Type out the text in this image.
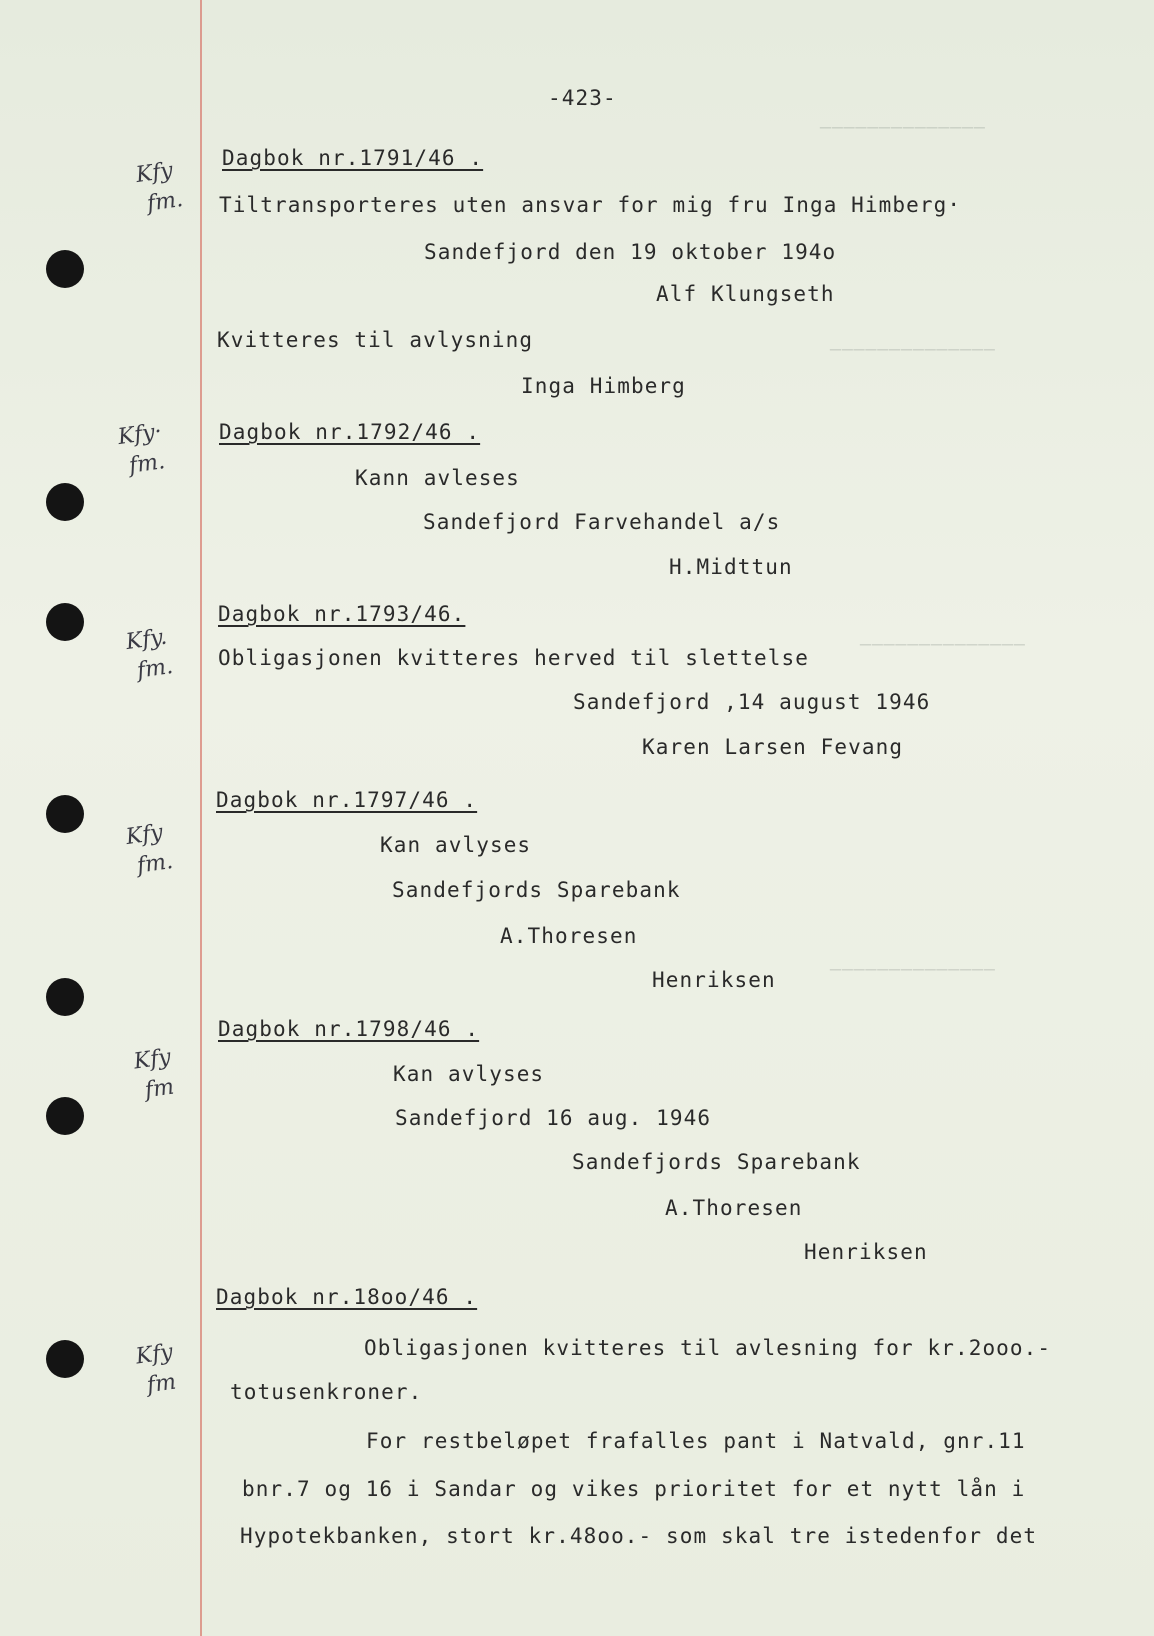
──────────────
──────────────
──────────────
──────────────
-423-
Kfy
fm.
Dagbok nr.1791/46 .
Tiltransporteres uten ansvar for mig fru Inga Himberg·
Sandefjord den 19 oktober 194o
Alf Klungseth
Kvitteres til avlysning
Inga Himberg
Kfy·
fm.
Dagbok nr.1792/46 .
Kann avleses
Sandefjord Farvehandel a/s
H.Midttun
Kfy.
fm.
Dagbok nr.1793/46.
Obligasjonen kvitteres herved til slettelse
Sandefjord ,14 august 1946
Karen Larsen Fevang
Kfy
fm.
Dagbok nr.1797/46 .
Kan avlyses
Sandefjords Sparebank
A.Thoresen
Henriksen
Kfy
fm
Dagbok nr.1798/46 .
Kan avlyses
Sandefjord 16 aug. 1946
Sandefjords Sparebank
A.Thoresen
Henriksen
Kfy
fm
Dagbok nr.18oo/46 .
Obligasjonen kvitteres til avlesning for kr.2ooo.-
totusenkroner.
For restbeløpet frafalles pant i Natvald, gnr.11
bnr.7 og 16 i Sandar og vikes prioritet for et nytt lån i
Hypotekbanken, stort kr.48oo.- som skal tre istedenfor det
